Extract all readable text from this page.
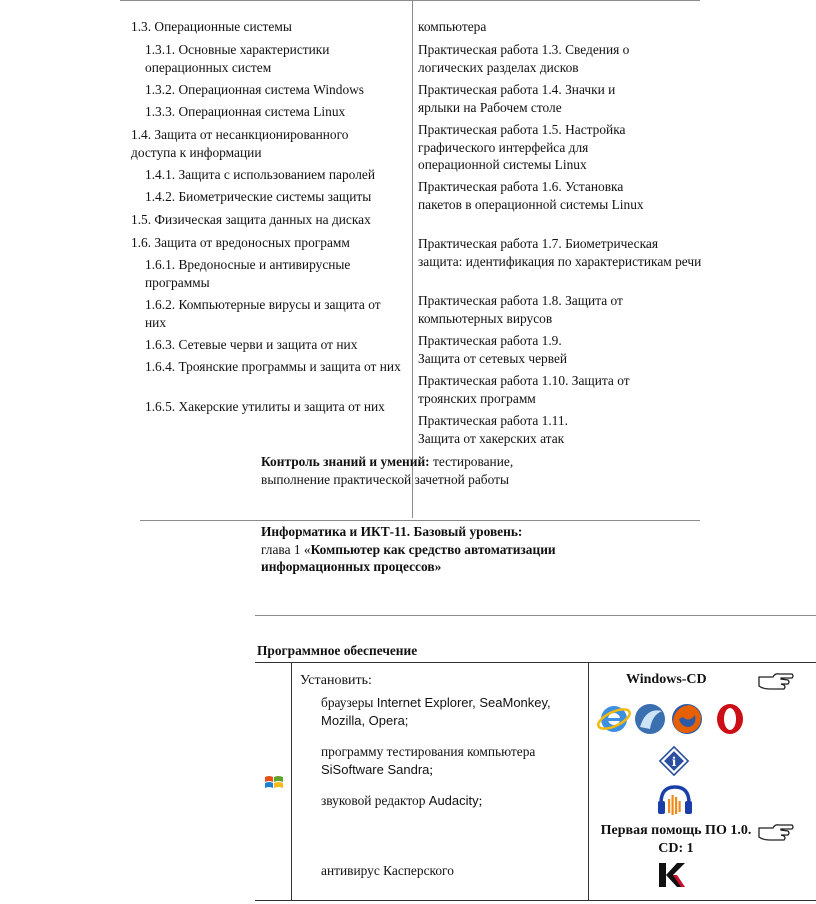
1.3. Операционные системы
1.3.1. Основные характеристики операционных систем
1.3.2. Операционная система Windows
1.3.3. Операционная система Linux
1.4. Защита от несанкционированного доступа к информации
1.4.1. Защита с использованием паролей
1.4.2. Биометрические системы защиты
1.5. Физическая защита данных на дисках
1.6. Защита от вредоносных программ
1.6.1. Вредоносные и антивирусные программы
1.6.2. Компьютерные вирусы и защита от них
1.6.3. Сетевые черви и защита от них
1.6.4. Троянские программы и защита от них
1.6.5. Хакерские утилиты и защита от них
компьютера
Практическая работа 1.3. Сведения о логических разделах дисков
Практическая работа 1.4. Значки и ярлыки на Рабочем столе
Практическая работа 1.5. Настройка графического интерфейса для операционной системы Linux
Практическая работа 1.6. Установка пакетов в операционной системы Linux
Практическая работа 1.7. Биометрическая защита: идентификация по характеристикам речи
Практическая работа 1.8. Защита от компьютерных вирусов
Практическая работа 1.9. Защита от сетевых червей
Практическая работа 1.10. Защита от троянских программ
Практическая работа 1.11. Защита от хакерских атак
Контроль знаний и умений: тестирование, выполнение практической зачетной работы
Информатика и ИКТ-11. Базовый уровень:
глава 1 «Компьютер как средство автоматизации информационных процессов»
Программное обеспечение
Установить:
браузеры Internet Explorer, SeaMonkey, Mozilla, Opera;
программу тестирования компьютера SiSoftware Sandra;
звуковой редактор Audacity;
антивирус Касперского
Windows-CD
i
Первая помощь ПО 1.0. CD: 1
